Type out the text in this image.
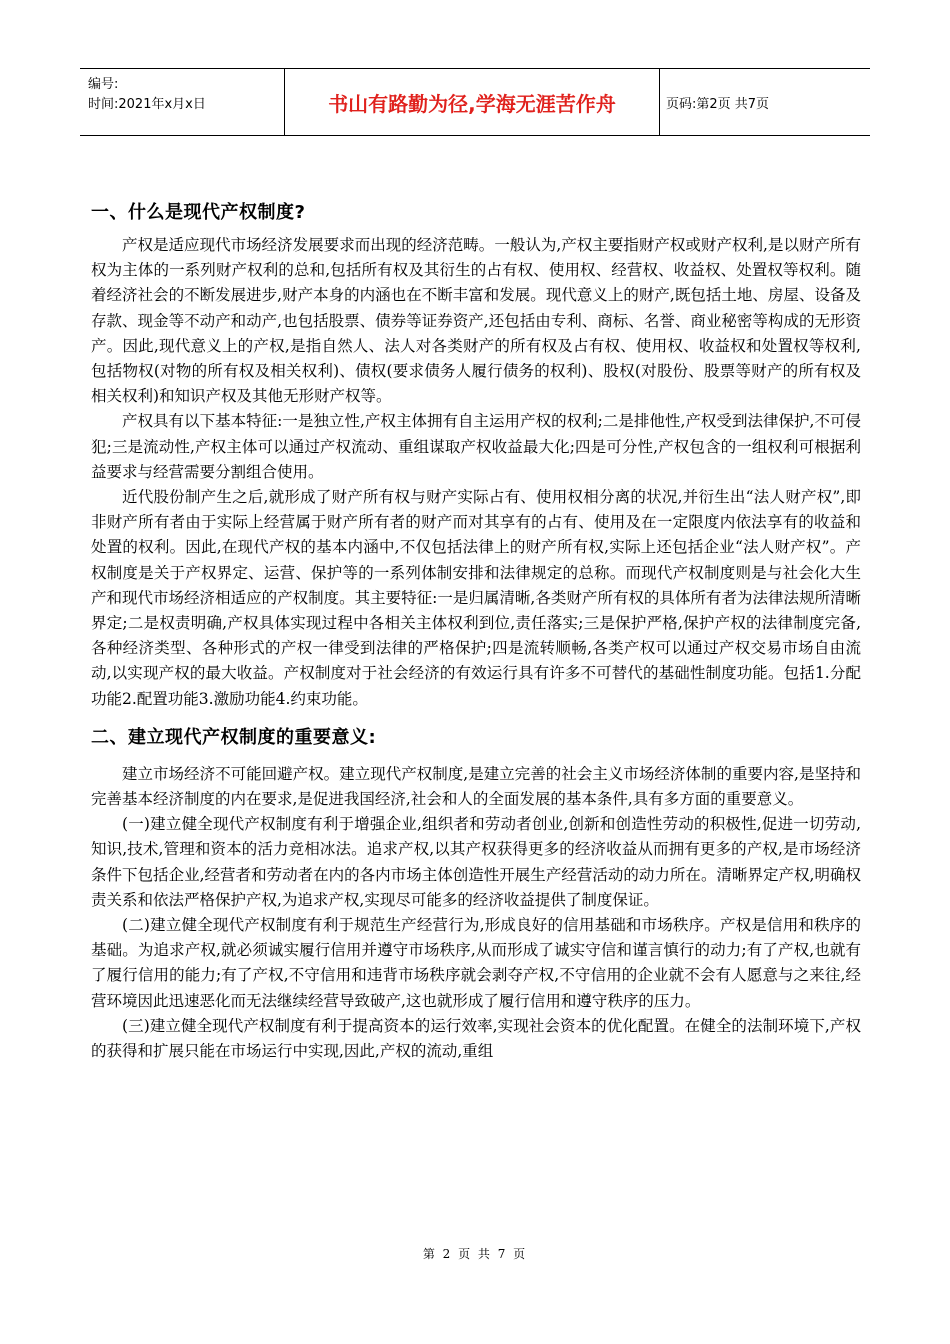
编号:
时间:2021年x月x日	书山有路勤为径,学海无涯苦作舟	页码:第2页 共7页
一、什么是现代产权制度?

产权是适应现代市场经济发展要求而出现的经济范畴。一般认为,产权主要指财产权或财产权利,是以财产所有权为主体的一系列财产权利的总和,包括所有权及其衍生的占有权、使用权、经营权、收益权、处置权等权利。随着经济社会的不断发展进步,财产本身的内涵也在不断丰富和发展。现代意义上的财产,既包括土地、房屋、设备及存款、现金等不动产和动产,也包括股票、债券等证券资产,还包括由专利、商标、名誉、商业秘密等构成的无形资产。因此,现代意义上的产权,是指自然人、法人对各类财产的所有权及占有权、使用权、收益权和处置权等权利,包括物权(对物的所有权及相关权利)、债权(要求债务人履行债务的权利)、股权(对股份、股票等财产的所有权及相关权利)和知识产权及其他无形财产权等。

产权具有以下基本特征:一是独立性,产权主体拥有自主运用产权的权利;二是排他性,产权受到法律保护,不可侵犯;三是流动性,产权主体可以通过产权流动、重组谋取产权收益最大化;四是可分性,产权包含的一组权利可根据利益要求与经营需要分割组合使用。

近代股份制产生之后,就形成了财产所有权与财产实际占有、使用权相分离的状况,并衍生出“法人财产权”,即非财产所有者由于实际上经营属于财产所有者的财产而对其享有的占有、使用及在一定限度内依法享有的收益和处置的权利。因此,在现代产权的基本内涵中,不仅包括法律上的财产所有权,实际上还包括企业“法人财产权”。产权制度是关于产权界定、运营、保护等的一系列体制安排和法律规定的总称。而现代产权制度则是与社会化大生产和现代市场经济相适应的产权制度。其主要特征:一是归属清晰,各类财产所有权的具体所有者为法律法规所清晰界定;二是权责明确,产权具体实现过程中各相关主体权利到位,责任落实;三是保护严格,保护产权的法律制度完备,各种经济类型、各种形式的产权一律受到法律的严格保护;四是流转顺畅,各类产权可以通过产权交易市场自由流动,以实现产权的最大收益。产权制度对于社会经济的有效运行具有许多不可替代的基础性制度功能。包括1.分配功能2.配置功能3.激励功能4.约束功能。

二、建立现代产权制度的重要意义:

建立市场经济不可能回避产权。建立现代产权制度,是建立完善的社会主义市场经济体制的重要内容,是坚持和完善基本经济制度的内在要求,是促进我国经济,社会和人的全面发展的基本条件,具有多方面的重要意义。

(一)建立健全现代产权制度有利于增强企业,组织者和劳动者创业,创新和创造性劳动的积极性,促进一切劳动,知识,技术,管理和资本的活力竞相冰法。追求产权,以其产权获得更多的经济收益从而拥有更多的产权,是市场经济条件下包括企业,经营者和劳动者在内的各内市场主体创造性开展生产经营活动的动力所在。清晰界定产权,明确权责关系和依法严格保护产权,为追求产权,实现尽可能多的经济收益提供了制度保证。

(二)建立健全现代产权制度有利于规范生产经营行为,形成良好的信用基础和市场秩序。产权是信用和秩序的基础。为追求产权,就必须诚实履行信用并遵守市场秩序,从而形成了诚实守信和谨言慎行的动力;有了产权,也就有了履行信用的能力;有了产权,不守信用和违背市场秩序就会剥夺产权,不守信用的企业就不会有人愿意与之来往,经营环境因此迅速恶化而无法继续经营导致破产,这也就形成了履行信用和遵守秩序的压力。

(三)建立健全现代产权制度有利于提高资本的运行效率,实现社会资本的优化配置。在健全的法制环境下,产权的获得和扩展只能在市场运行中实现,因此,产权的流动,重组

第 2 页 共 7 页
